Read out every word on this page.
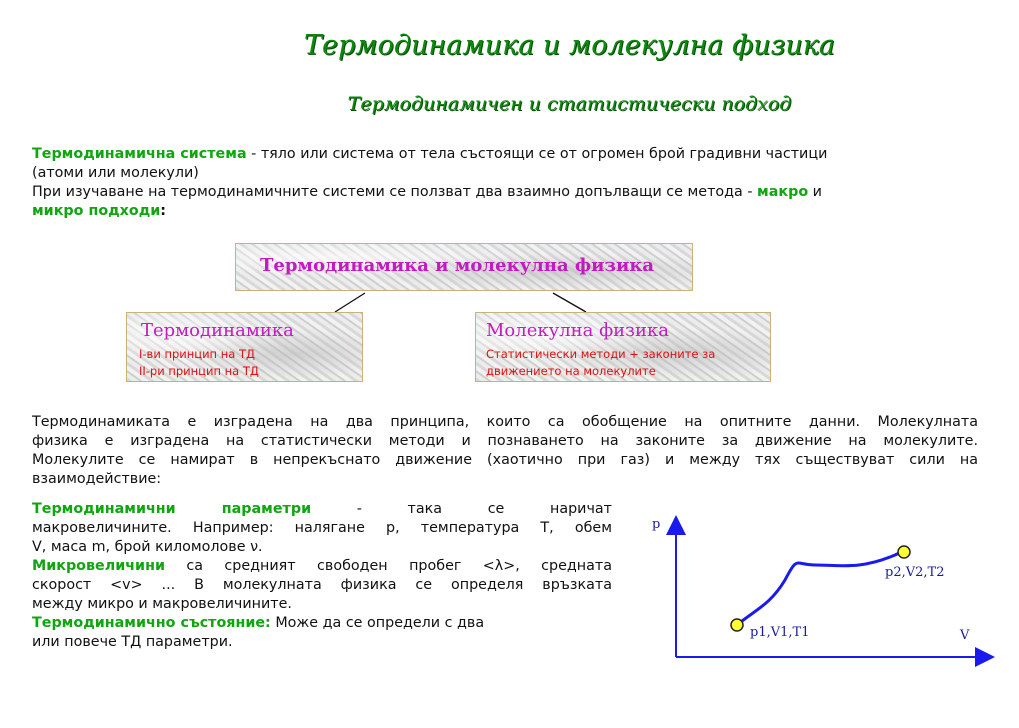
Термодинамика и молекулна физика
Термодинамичен и статистически подход
Термодинамична система - тяло или система от тела състоящи се от огромен брой градивни частици
(атоми или молекули)
При изучаване на термодинамичните системи се ползват два взаимно допълващи се метода - макро и
микро подходи:
Термодинамика и молекулна физика
Термодинамика
I-ви принцип на ТД
II-ри принцип на ТД
Молекулна физика
Статистически методи + законите за
движението на молекулите
Термодинамиката е изградена на два принципа, които са обобщение на опитните данни. Молекулната
физика е изградена на статистически методи и познаването на законите за движение на молекулите.
Молекулите се намират в непрекъснато движение (хаотично при газ) и между тях съществуват сили на
взаимодействие:
Термодинамични параметри - така се наричат
макровеличините. Например: налягане p, температура Т, обем
V, маса m, брой киломолове ν.
Микровеличини са средният свободен пробег <λ>, средната
скорост <v> ... В молекулната физика се определя връзката
между микро и макровеличините.
Термодинамично състояние: Може да се определи с два
или повече ТД параметри.
p
V
p1,V1,T1
p2,V2,T2
